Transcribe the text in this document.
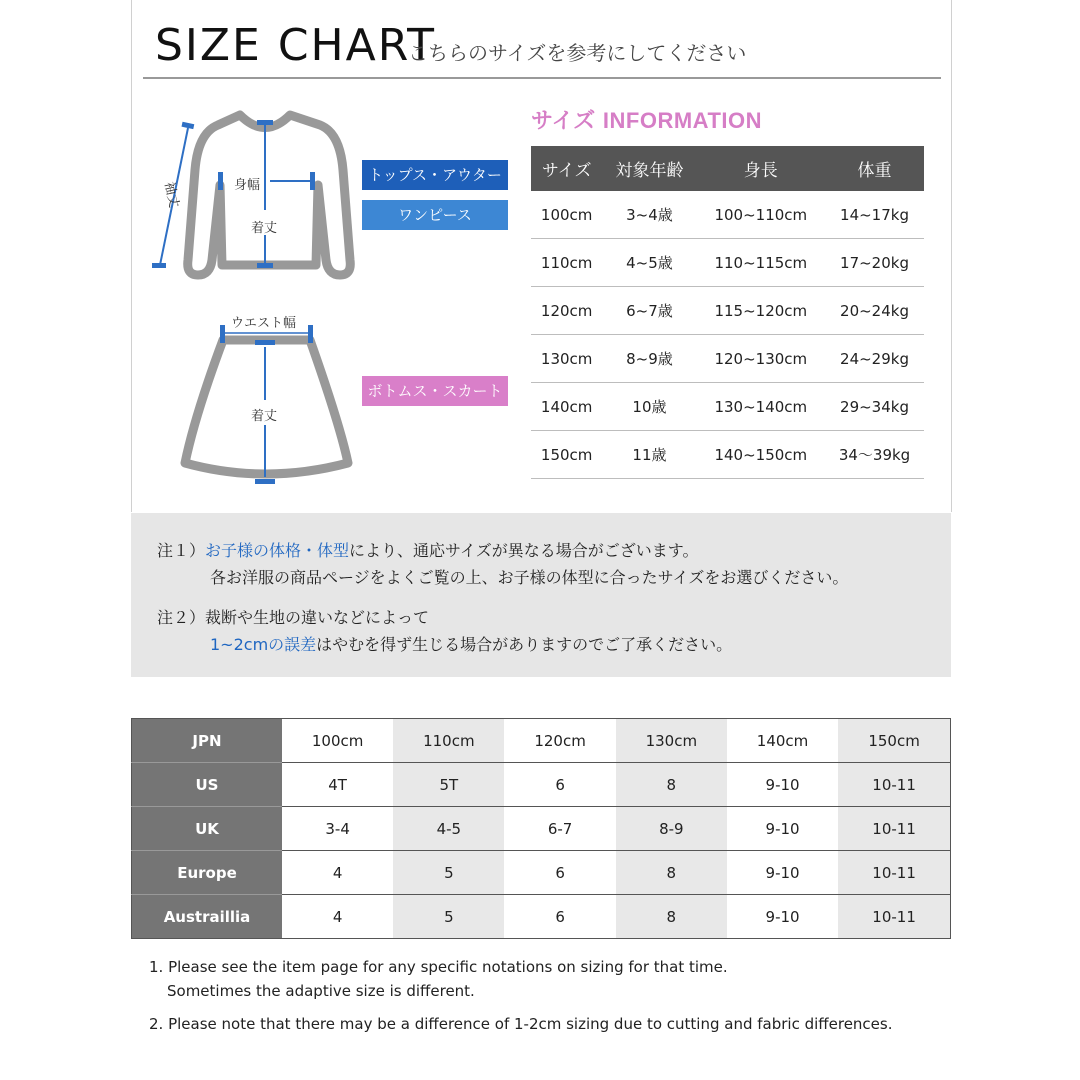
SIZE CHART
こちらのサイズを参考にしてください
袖丈	身幅
着丈
ウエスト幅
着丈
トップス・アウター
ワンピース
ボトムス・スカート
サイズ INFORMATION
サイズ	対象年齢	身長	体重
100cm	3~4歳	100~110cm	14~17kg
110cm	4~5歳	110~115cm	17~20kg
120cm	6~7歳	115~120cm	20~24kg
130cm	8~9歳	120~130cm	24~29kg
140cm	10歳	130~140cm	29~34kg
150cm	11歳	140~150cm	34～39kg
注１）お子様の体格・体型により、通応サイズが異なる場合がございます。
各お洋服の商品ページをよくご覧の上、お子様の体型に合ったサイズをお選びください。
注２）裁断や生地の違いなどによって
1~2cmの誤差はやむを得ず生じる場合がありますのでご了承ください。
JPN	100cm	110cm	120cm	130cm	140cm	150cm
US	4T	5T	6	8	9-10	10-11
UK	3-4	4-5	6-7	8-9	9-10	10-11
Europe	4	5	6	8	9-10	10-11
Austraillia	4	5	6	8	9-10	10-11
1. Please see the item page for any specific notations on sizing for that time.
Sometimes the adaptive size is different.
2. Please note that there may be a difference of 1-2cm sizing due to cutting and fabric differences.
